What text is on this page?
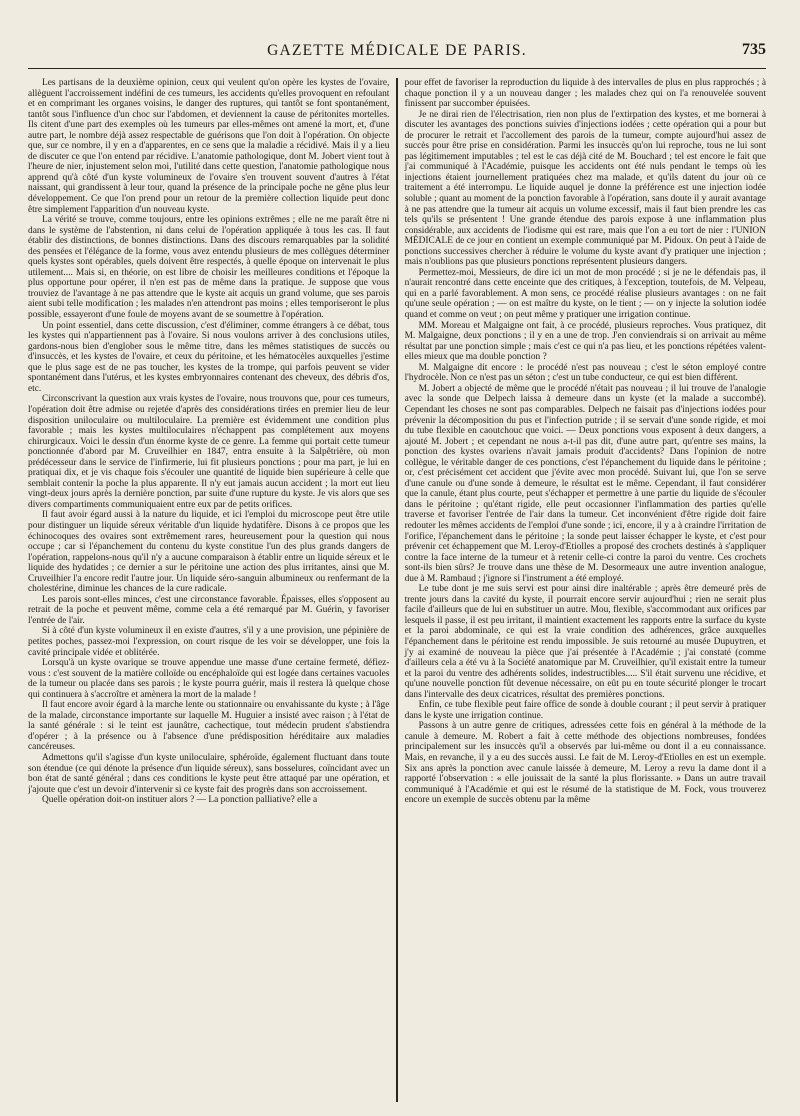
GAZETTE MÉDICALE DE PARIS.	735

Les partisans de la deuxième opinion, ceux qui veulent qu'on opère les kystes de l'ovaire, allèguent l'accroissement indéfini de ces tumeurs, les accidents qu'elles provoquent en refoulant et en comprimant les organes voisins, le danger des ruptures, qui tantôt se font spontanément, tantôt sous l'influence d'un choc sur l'abdomen, et deviennent la cause de péritonites mortelles. Ils citent d'une part des exemples où les tumeurs par elles-mêmes ont amené la mort, et, d'une autre part, le nombre déjà assez respectable de guérisons que l'on doit à l'opération. On objecte que, sur ce nombre, il y en a d'apparentes, en ce sens que la maladie a récidivé. Mais il y a lieu de discuter ce que l'on entend par récidive. L'anatomie pathologique, dont M. Jobert vient tout à l'heure de nier, injustement selon moi, l'utilité dans cette question, l'anatomie pathologique nous apprend qu'à côté d'un kyste volumineux de l'ovaire s'en trouvent souvent d'autres à l'état naissant, qui grandissent à leur tour, quand la présence de la principale poche ne gêne plus leur développement. Ce que l'on prend pour un retour de la première collection liquide peut donc être simplement l'apparition d'un nouveau kyste.

La vérité se trouve, comme toujours, entre les opinions extrêmes ; elle ne me paraît être ni dans le système de l'abstention, ni dans celui de l'opération appliquée à tous les cas. Il faut établir des distinctions, de bonnes distinctions. Dans des discours remarquables par la solidité des pensées et l'élégance de la forme, vous avez entendu plusieurs de mes collègues déterminer quels kystes sont opérables, quels doivent être respectés, à quelle époque on intervenait le plus utilement.... Mais si, en théorie, on est libre de choisir les meilleures conditions et l'époque la plus opportune pour opérer, il n'en est pas de même dans la pratique. Je suppose que vous trouviez de l'avantage à ne pas attendre que le kyste ait acquis un grand volume, que ses parois aient subi telle modification ; les malades n'en attendront pas moins ; elles temporiseront le plus possible, essayeront d'une foule de moyens avant de se soumettre à l'opération.

Un point essentiel, dans cette discussion, c'est d'éliminer, comme étrangers à ce débat, tous les kystes qui n'appartiennent pas à l'ovaire. Si nous voulons arriver à des conclusions utiles, gardons-nous bien d'englober sous le même titre, dans les mêmes statistiques de succès ou d'insuccès, et les kystes de l'ovaire, et ceux du péritoine, et les hématocèles auxquelles j'estime que le plus sage est de ne pas toucher, les kystes de la trompe, qui parfois peuvent se vider spontanément dans l'utérus, et les kystes embryonnaires contenant des cheveux, des débris d'os, etc.

Circonscrivant la question aux vrais kystes de l'ovaire, nous trouvons que, pour ces tumeurs, l'opération doit être admise ou rejetée d'après des considérations tirées en premier lieu de leur disposition uniloculaire ou multiloculaire. La première est évidemment une condition plus favorable ; mais les kystes multiloculaires n'échappent pas complétement aux moyens chirurgicaux. Voici le dessin d'un énorme kyste de ce genre. La femme qui portait cette tumeur ponctionnée d'abord par M. Cruveilhier en 1847, entra ensuite à la Salpêtrière, où mon prédécesseur dans le service de l'infirmerie, lui fit plusieurs ponctions ; pour ma part, je lui en pratiquai dix, et je vis chaque fois s'écouler une quantité de liquide bien supérieure à celle que semblait contenir la poche la plus apparente. Il n'y eut jamais aucun accident ; la mort eut lieu vingt-deux jours après la dernière ponction, par suite d'une rupture du kyste. Je vis alors que ses divers compartiments communiquaient entre eux par de petits orifices.

Il faut avoir égard aussi à la nature du liquide, et ici l'emploi du microscope peut être utile pour distinguer un liquide séreux véritable d'un liquide hydatifère. Disons à ce propos que les échinocoques des ovaires sont extrêmement rares, heureusement pour la question qui nous occupe ; car si l'épanchement du contenu du kyste constitue l'un des plus grands dangers de l'opération, rappelons-nous qu'il n'y a aucune comparaison à établir entre un liquide séreux et le liquide des hydatides ; ce dernier a sur le péritoine une action des plus irritantes, ainsi que M. Cruveilhier l'a encore redit l'autre jour. Un liquide séro-sanguin albumineux ou renfermant de la cholestérine, diminue les chances de la cure radicale.

Les parois sont-elles minces, c'est une circonstance favorable. Épaisses, elles s'opposent au retrait de la poche et peuvent même, comme cela a été remarqué par M. Guérin, y favoriser l'entrée de l'air.

Si à côté d'un kyste volumineux il en existe d'autres, s'il y a une provision, une pépinière de petites poches, passez-moi l'expression, on court risque de les voir se développer, une fois la cavité principale vidée et oblitérée.

Lorsqu'à un kyste ovarique se trouve appendue une masse d'une certaine fermeté, défiez-vous : c'est souvent de la matière colloïde ou encéphaloïde qui est logée dans certaines vacuoles de la tumeur ou placée dans ses parois ; le kyste pourra guérir, mais il restera là quelque chose qui continuera à s'accroître et amènera la mort de la malade !

Il faut encore avoir égard à la marche lente ou stationnaire ou envahissante du kyste ; à l'âge de la malade, circonstance importante sur laquelle M. Huguier a insisté avec raison ; à l'état de la santé générale : si le teint est jaunâtre, cachectique, tout médecin prudent s'abstiendra d'opérer ; à la présence ou à l'absence d'une prédisposition héréditaire aux maladies cancéreuses.

Admettons qu'il s'agisse d'un kyste uniloculaire, sphéroïde, également fluctuant dans toute son étendue (ce qui dénote la présence d'un liquide séreux), sans bosselures, coïncidant avec un bon état de santé général ; dans ces conditions le kyste peut être attaqué par une opération, et j'ajoute que c'est un devoir d'intervenir si ce kyste fait des progrès dans son accroissement.

Quelle opération doit-on instituer alors ? — La ponction palliative? elle a

pour effet de favoriser la reproduction du liquide à des intervalles de plus en plus rapprochés ; à chaque ponction il y a un nouveau danger ; les malades chez qui on l'a renouvelée souvent finissent par succomber épuisées.

Je ne dirai rien de l'électrisation, rien non plus de l'extirpation des kystes, et me bornerai à discuter les avantages des ponctions suivies d'injections iodées ; cette opération qui a pour but de procurer le retrait et l'accollement des parois de la tumeur, compte aujourd'hui assez de succès pour être prise en considération. Parmi les insuccès qu'on lui reproche, tous ne lui sont pas légitimement imputables ; tel est le cas déjà cité de M. Bouchard ; tel est encore le fait que j'ai communiqué à l'Académie, puisque les accidents ont été nuls pendant le temps où les injections étaient journellement pratiquées chez ma malade, et qu'ils datent du jour où ce traitement a été interrompu. Le liquide auquel je donne la préférence est une injection iodée soluble ; quant au moment de la ponction favorable à l'opération, sans doute il y aurait avantage à ne pas attendre que la tumeur ait acquis un volume excessif, mais il faut bien prendre les cas tels qu'ils se présentent ! Une grande étendue des parois expose à une inflammation plus considérable, aux accidents de l'iodisme qui est rare, mais que l'on a eu tort de nier : l'UNION MÉDICALE de ce jour en contient un exemple communiqué par M. Pidoux. On peut à l'aide de ponctions successives chercher à réduire le volume du kyste avant d'y pratiquer une injection ; mais n'oublions pas que plusieurs ponctions représentent plusieurs dangers.

Permettez-moi, Messieurs, de dire ici un mot de mon procédé ; si je ne le défendais pas, il n'aurait rencontré dans cette enceinte que des critiques, à l'exception, toutefois, de M. Velpeau, qui en a parlé favorablement. A mon sens, ce procédé réalise plusieurs avantages : on ne fait qu'une seule opération ; — on est maître du kyste, on le tient ; — on y injecte la solution iodée quand et comme on veut ; on peut même y pratiquer une irrigation continue.

MM. Moreau et Malgaigne ont fait, à ce procédé, plusieurs reproches. Vous pratiquez, dit M. Malgaigne, deux ponctions ; il y en a une de trop. J'en conviendrais si on arrivait au même résultat par une ponction simple ; mais c'est ce qui n'a pas lieu, et les ponctions répétées valent-elles mieux que ma double ponction ?

M. Malgaigne dit encore : le procédé n'est pas nouveau ; c'est le séton employé contre l'hydrocèle. Non ce n'est pas un séton ; c'est un tube conducteur, ce qui est bien différent.

M. Jobert a objecté de même que le procédé n'était pas nouveau ; il lui trouve de l'analogie avec la sonde que Delpech laissa à demeure dans un kyste (et la malade a succombé). Cependant les choses ne sont pas comparables. Delpech ne faisait pas d'injections iodées pour prévenir la décomposition du pus et l'infection putride ; il se servait d'une sonde rigide, et moi du tube flexible en caoutchouc que voici. — Deux ponctions vous exposent à deux dangers, a ajouté M. Jobert ; et cependant ne nous a-t-il pas dit, d'une autre part, qu'entre ses mains, la ponction des kystes ovariens n'avait jamais produit d'accidents? Dans l'opinion de notre collègue, le véritable danger de ces ponctions, c'est l'épanchement du liquide dans le péritoine ; or, c'est précisément cet accident que j'évite avec mon procédé. Suivant lui, que l'on se serve d'une canule ou d'une sonde à demeure, le résultat est le même. Cependant, il faut considérer que la canule, étant plus courte, peut s'échapper et permettre à une partie du liquide de s'écouler dans le péritoine ; qu'étant rigide, elle peut occasionner l'inflammation des parties qu'elle traverse et favoriser l'entrée de l'air dans la tumeur. Cet inconvénient d'être rigide doit faire redouter les mêmes accidents de l'emploi d'une sonde ; ici, encore, il y a à craindre l'irritation de l'orifice, l'épanchement dans le péritoine ; la sonde peut laisser échapper le kyste, et c'est pour prévenir cet échappement que M. Leroy-d'Etiolles a proposé des crochets destinés à s'appliquer contre la face interne de la tumeur et à retenir celle-ci contre la paroi du ventre. Ces crochets sont-ils bien sûrs? Je trouve dans une thèse de M. Desormeaux une autre invention analogue, due à M. Rambaud ; j'ignore si l'instrument a été employé.

Le tube dont je me suis servi est pour ainsi dire inaltérable ; après être demeuré près de trente jours dans la cavité du kyste, il pourrait encore servir aujourd'hui ; rien ne serait plus facile d'ailleurs que de lui en substituer un autre. Mou, flexible, s'accommodant aux orifices par lesquels il passe, il est peu irritant, il maintient exactement les rapports entre la surface du kyste et la paroi abdominale, ce qui est la vraie condition des adhérences, grâce auxquelles l'épanchement dans le péritoine est rendu impossible. Je suis retourné au musée Dupuytren, et j'y ai examiné de nouveau la pièce que j'ai présentée à l'Académie ; j'ai constaté (comme d'ailleurs cela a été vu à la Société anatomique par M. Cruveilhier, qu'il existait entre la tumeur et la paroi du ventre des adhérents solides, indestructibles..... S'il était survenu une récidive, et qu'une nouvelle ponction fût devenue nécessaire, on eût pu en toute sécurité plonger le trocart dans l'intervalle des deux cicatrices, résultat des premières ponctions.

Enfin, ce tube flexible peut faire office de sonde à double courant ; il peut servir à pratiquer dans le kyste une irrigation continue.

Passons à un autre genre de critiques, adressées cette fois en général à la méthode de la canule à demeure. M. Robert a fait à cette méthode des objections nombreuses, fondées principalement sur les insuccès qu'il a observés par lui-même ou dont il a eu connaissance. Mais, en revanche, il y a eu des succès aussi. Le fait de M. Leroy-d'Etiolles en est un exemple. Six ans après la ponction avec canule laissée à demeure, M. Leroy a revu la dame dont il a rapporté l'observation : « elle jouissait de la santé la plus florissante. » Dans un autre travail communiqué à l'Académie et qui est le résumé de la statistique de M. Fock, vous trouverez encore un exemple de succès obtenu par la même
